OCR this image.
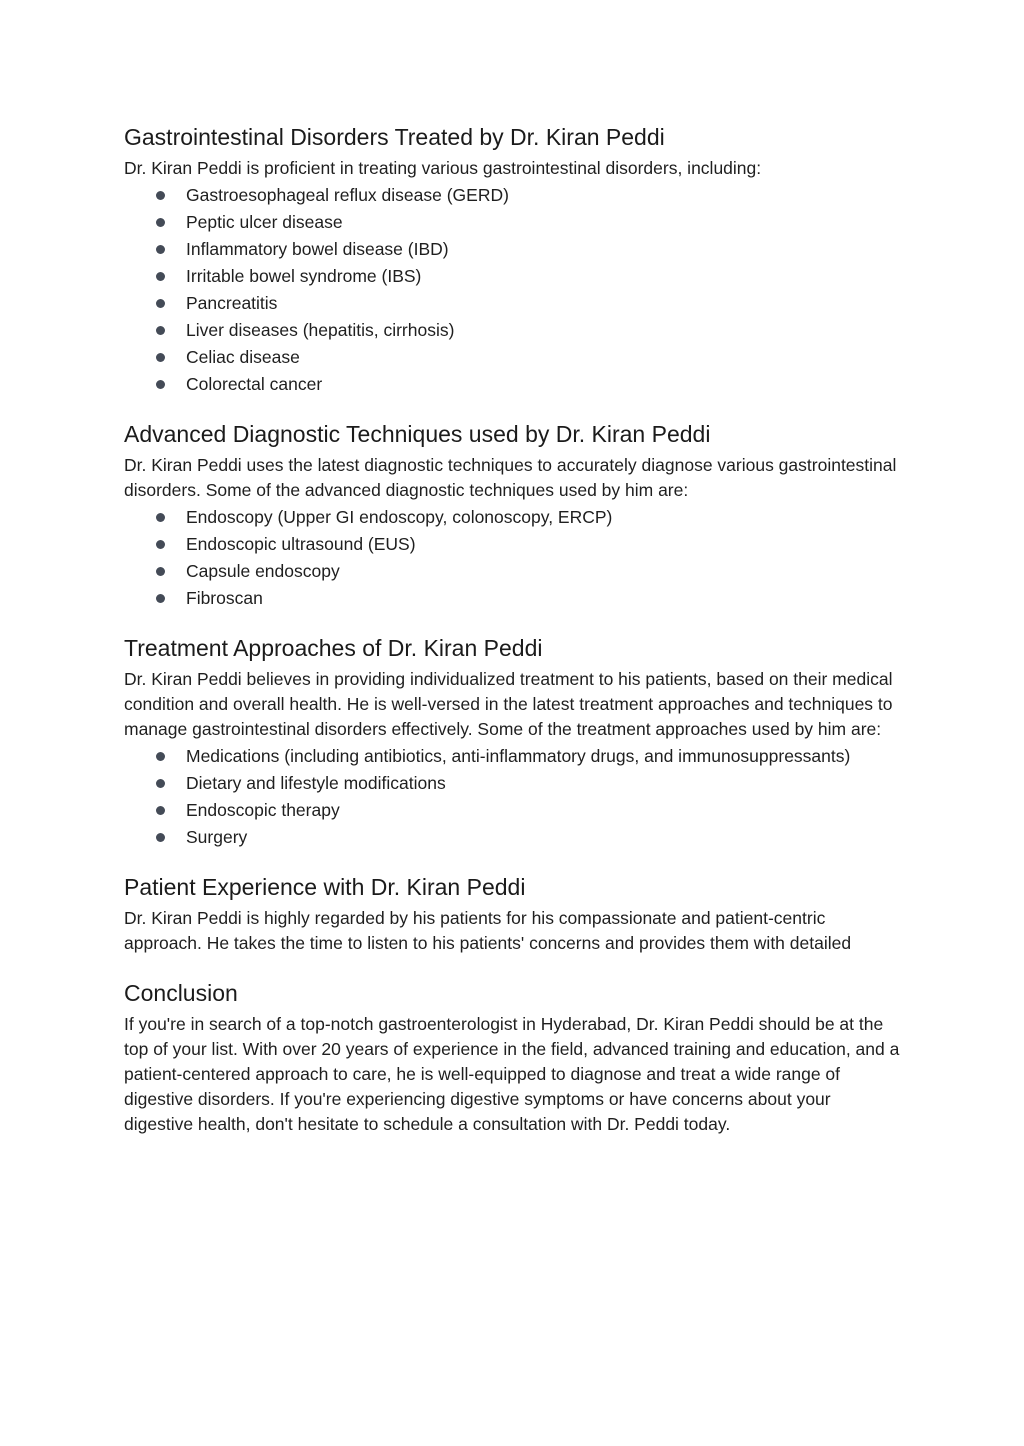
Gastrointestinal Disorders Treated by Dr. Kiran Peddi

Dr. Kiran Peddi is proficient in treating various gastrointestinal disorders, including:

Gastroesophageal reflux disease (GERD)
Peptic ulcer disease
Inflammatory bowel disease (IBD)
Irritable bowel syndrome (IBS)
Pancreatitis
Liver diseases (hepatitis, cirrhosis)
Celiac disease
Colorectal cancer
Advanced Diagnostic Techniques used by Dr. Kiran Peddi

Dr. Kiran Peddi uses the latest diagnostic techniques to accurately diagnose various gastrointestinal disorders. Some of the advanced diagnostic techniques used by him are:

Endoscopy (Upper GI endoscopy, colonoscopy, ERCP)
Endoscopic ultrasound (EUS)
Capsule endoscopy
Fibroscan
Treatment Approaches of Dr. Kiran Peddi

Dr. Kiran Peddi believes in providing individualized treatment to his patients, based on their medical condition and overall health. He is well-versed in the latest treatment approaches and techniques to manage gastrointestinal disorders effectively. Some of the treatment approaches used by him are:

Medications (including antibiotics, anti-inflammatory drugs, and immunosuppressants)
Dietary and lifestyle modifications
Endoscopic therapy
Surgery
Patient Experience with Dr. Kiran Peddi

Dr. Kiran Peddi is highly regarded by his patients for his compassionate and patient-centric approach. He takes the time to listen to his patients' concerns and provides them with detailed

Conclusion

If you're in search of a top-notch gastroenterologist in Hyderabad, Dr. Kiran Peddi should be at the top of your list. With over 20 years of experience in the field, advanced training and education, and a patient-centered approach to care, he is well-equipped to diagnose and treat a wide range of digestive disorders. If you're experiencing digestive symptoms or have concerns about your digestive health, don't hesitate to schedule a consultation with Dr. Peddi today.
